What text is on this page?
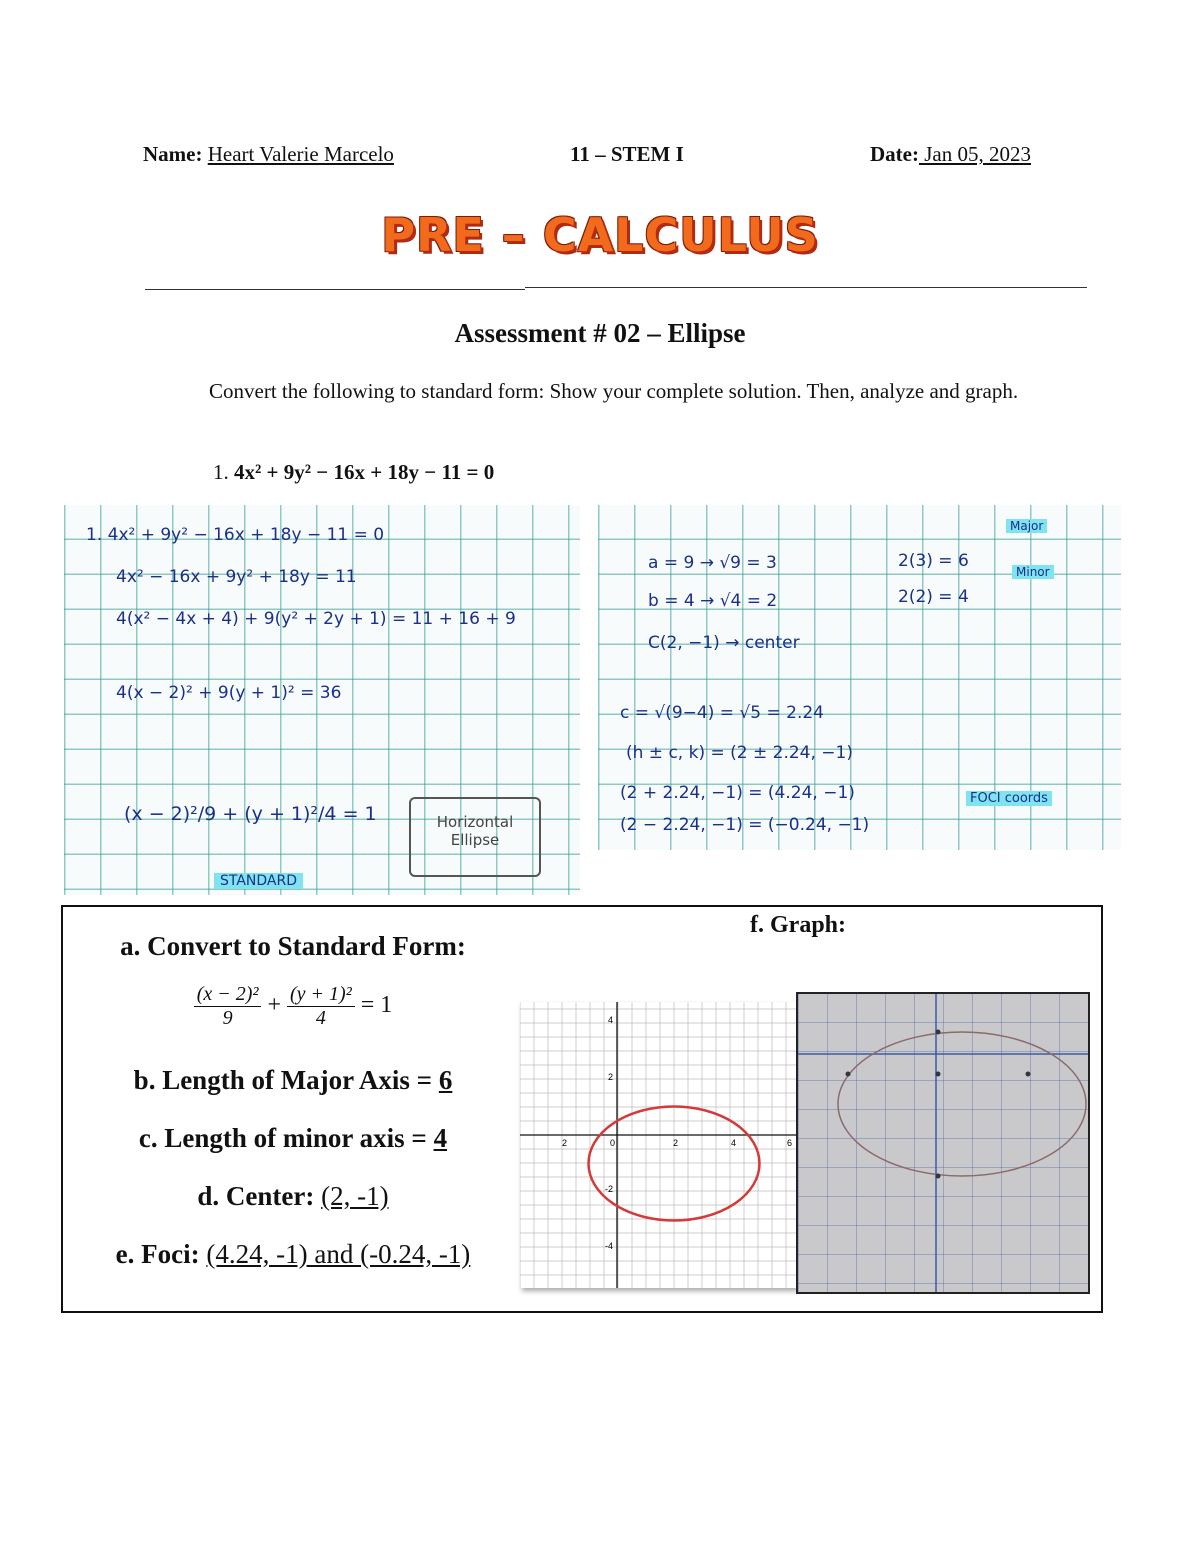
Name: Heart Valerie Marcelo	11 – STEM I	Date: Jan 05, 2023
PRE – CALCULUS
Assessment # 02 – Ellipse
Convert the following to standard form: Show your complete solution. Then, analyze and graph.
1. 4x² + 9y² − 16x + 18y − 11 = 0
1. 4x² + 9y² − 16x + 18y − 11 = 0
4x² − 16x + 9y² + 18y = 11
4(x² − 4x + 4) + 9(y² + 2y + 1) = 11 + 16 + 9
4(x − 2)² + 9(y + 1)² = 36
(x − 2)²/9 + (y + 1)²/4 = 1	Horizontal Ellipse
STANDARD
a = 9 → √9 = 3
b = 4 → √4 = 2
C(2, −1) → center
c = √(9−4) = √5 = 2.24
(h ± c, k) = (2 ± 2.24, −1)
(2 + 2.24, −1) = (4.24, −1)
(2 − 2.24, −1) = (−0.24, −1)
2(3) = 6
2(2) = 4
Major
Minor
FOCI coords
a. Convert to Standard Form:
$\frac{\text{(x − 2)²}}{9} + \frac{\text{(y + 1)²}}{4} = 1$
b. Length of Major Axis = 6
c. Length of minor axis = 4
d. Center: (2, -1)
e. Foci: (4.24, -1) and (-0.24, -1)
f. Graph:
2	0	2	4	6
4
2
-2
-4
